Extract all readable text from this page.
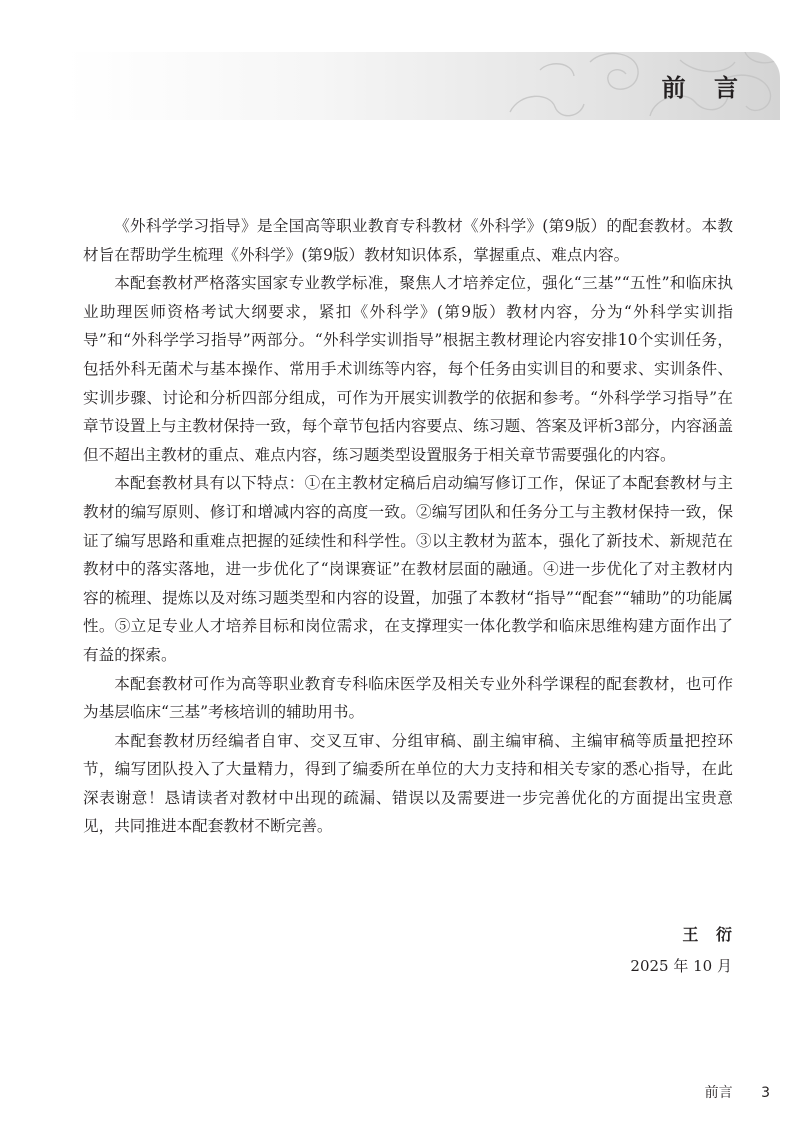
前 言

《外科学学习指导》是全国高等职业教育专科教材《外科学》(第9版）的配套教材。本教材旨在帮助学生梳理《外科学》(第9版）教材知识体系，掌握重点、难点内容。

本配套教材严格落实国家专业教学标准，聚焦人才培养定位，强化“三基”“五性”和临床执业助理医师资格考试大纲要求，紧扣《外科学》(第9版）教材内容，分为“外科学实训指导”和“外科学学习指导”两部分。“外科学实训指导”根据主教材理论内容安排10个实训任务，包括外科无菌术与基本操作、常用手术训练等内容，每个任务由实训目的和要求、实训条件、实训步骤、讨论和分析四部分组成，可作为开展实训教学的依据和参考。“外科学学习指导”在章节设置上与主教材保持一致，每个章节包括内容要点、练习题、答案及评析3部分，内容涵盖但不超出主教材的重点、难点内容，练习题类型设置服务于相关章节需要强化的内容。

本配套教材具有以下特点：①在主教材定稿后启动编写修订工作，保证了本配套教材与主教材的编写原则、修订和增减内容的高度一致。②编写团队和任务分工与主教材保持一致，保证了编写思路和重难点把握的延续性和科学性。③以主教材为蓝本，强化了新技术、新规范在教材中的落实落地，进一步优化了“岗课赛证”在教材层面的融通。④进一步优化了对主教材内容的梳理、提炼以及对练习题类型和内容的设置，加强了本教材“指导”“配套”“辅助”的功能属性。⑤立足专业人才培养目标和岗位需求，在支撑理实一体化教学和临床思维构建方面作出了有益的探索。

本配套教材可作为高等职业教育专科临床医学及相关专业外科学课程的配套教材，也可作为基层临床“三基”考核培训的辅助用书。

本配套教材历经编者自审、交叉互审、分组审稿、副主编审稿、主编审稿等质量把控环节，编写团队投入了大量精力，得到了编委所在单位的大力支持和相关专家的悉心指导，在此深表谢意！恳请读者对教材中出现的疏漏、错误以及需要进一步完善优化的方面提出宝贵意见，共同推进本配套教材不断完善。

王 衍
2025 年 10 月
前言 3
